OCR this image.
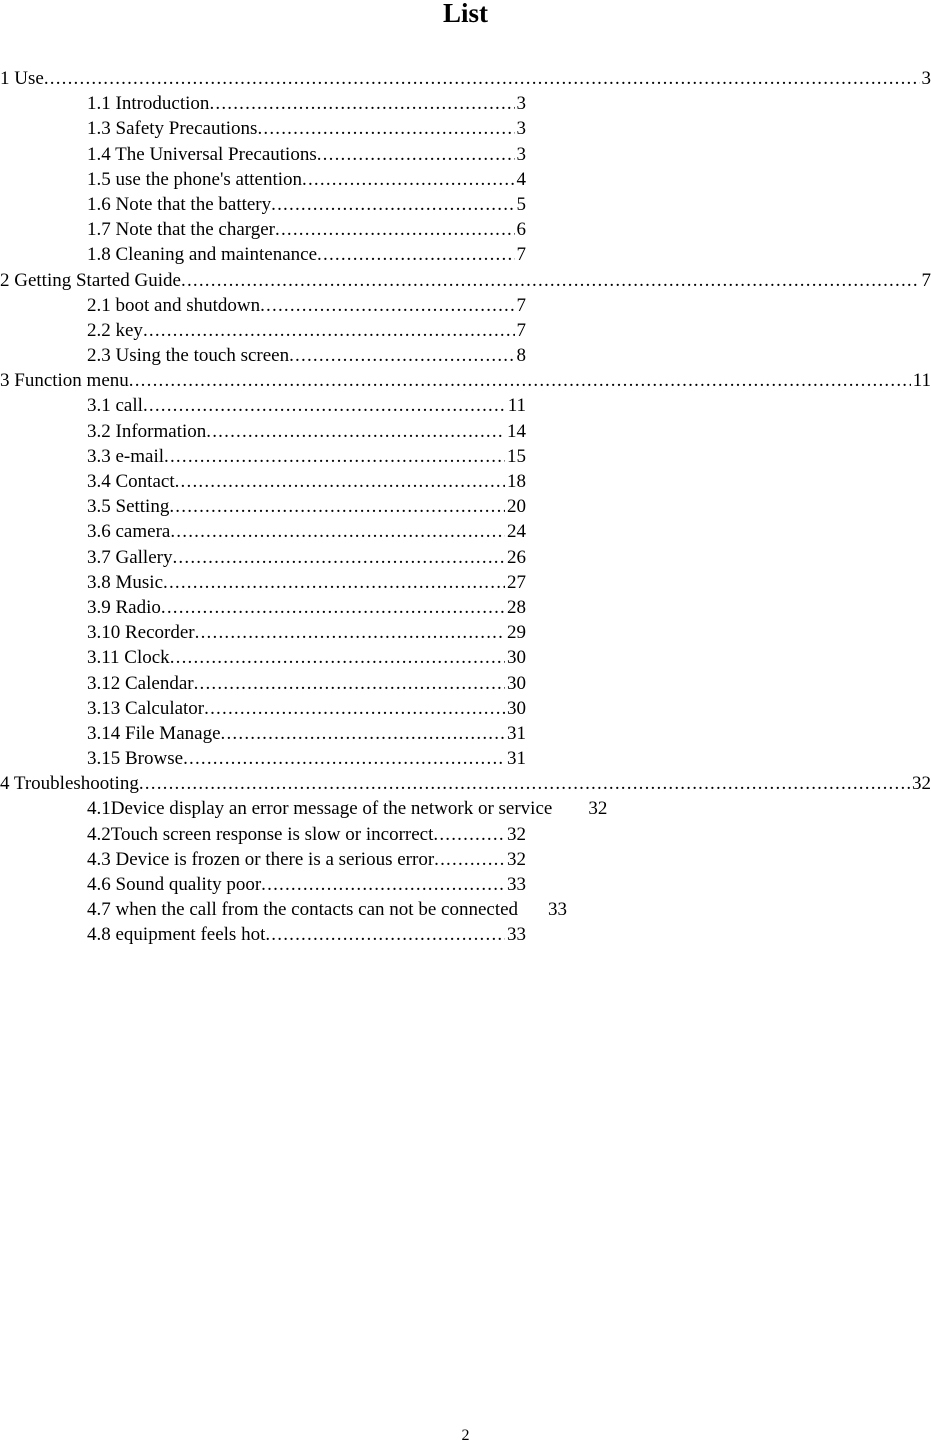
List
1 Use .....	3
1.1 Introduction .....	3
1.3 Safety Precautions .....	3
1.4 The Universal Precautions .....	3
1.5 use the phone's attention .....	4
1.6 Note that the battery .....	5
1.7 Note that the charger .....	6
1.8 Cleaning and maintenance .....	7
2 Getting Started Guide .....	7
2.1 boot and shutdown .....	7
2.2 key .....	7
2.3 Using the touch screen .....	8
3 Function menu .....	11
3.1 call .....	11
3.2 Information .....	14
3.3 e-mail .....	15
3.4 Contact .....	18
3.5 Setting .....	20
3.6 camera .....	24
3.7 Gallery .....	26
3.8 Music .....	27
3.9 Radio .....	28
3.10 Recorder .....	29
3.11 Clock .....	30
3.12 Calendar .....	30
3.13 Calculator .....	30
3.14 File Manage .....	31
3.15 Browse .....	31
4 Troubleshooting .....	32
4.1Device display an error message of the network or service 32
4.2Touch screen response is slow or incorrect .....	32
4.3 Device is frozen or there is a serious error .....	32
4.6 Sound quality poor .....	33
4.7 when the call from the contacts can not be connected 33
4.8 equipment feels hot .....	33
2
